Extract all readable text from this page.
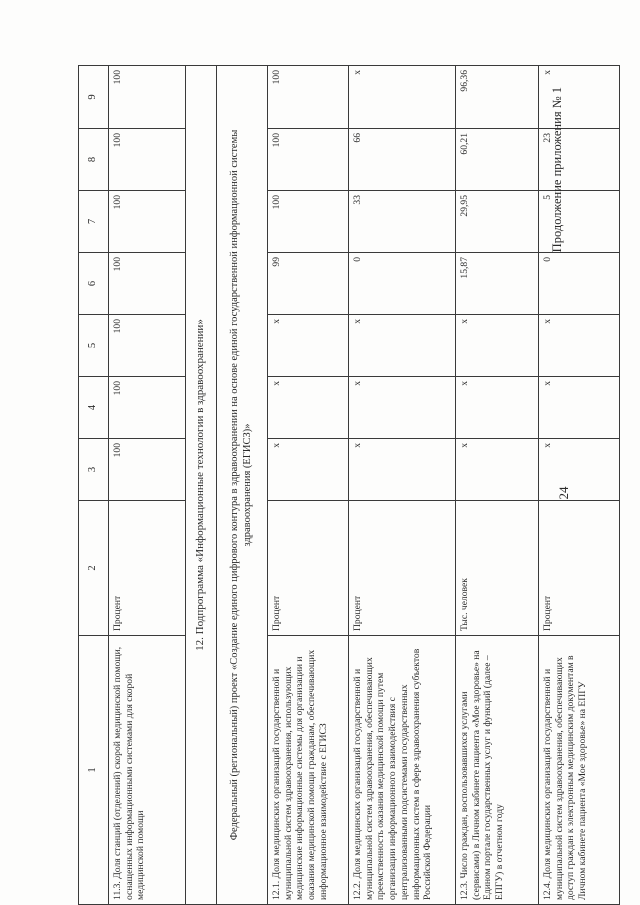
1	2	3	4	5	6	7	8	9
11.3. Доля станций (отделений) скорой медицинской помощи, оснащенных информационными системами для скорой медицинской помощи	Процент	100	100	100	100	100	100	100
12. Подпрограмма «Информационные технологии в здравоохранении»								
Федеральный (региональный) проект «Создание единого цифрового контура в здравоохранении на основе единой государственной информационной системы здравоохранения (ЕГИСЗ)»								
12.1. Доля медицинских организаций государственной и муниципальной систем здравоохранения, использующих медицинские информационные системы для организации и оказания медицинской помощи гражданам, обеспечивающих информационное взаимодействие с ЕГИСЗ	Процент	x	x	x	99	100	100	100
12.2. Доля медицинских организаций государственной и муниципальной систем здравоохранения, обеспечивающих преемственность оказания медицинской помощи путем организации информационного взаимодействия с централизованными подсистемами государственных информационных систем в сфере здравоохранения субъектов Российской Федерации	Процент	x	x	x	0	33	66	x
12.3. Число граждан, воспользовавшихся услугами (сервисами) в Личном кабинете пациента «Мое здоровье» на Едином портале государственных услуг и функций (далее – ЕПГУ) в отчетном году	Тыс. человек	x	x	x	15,87	29,95	60,21	96,36
12.4. Доля медицинских организаций государственной и муниципальной систем здравоохранения, обеспечивающих доступ граждан к электронным медицинским документам в Личном кабинете пациента «Мое здоровье» на ЕПГУ	Процент	x	x	x	0	5	23	x
24
Продолжение приложения № 1
